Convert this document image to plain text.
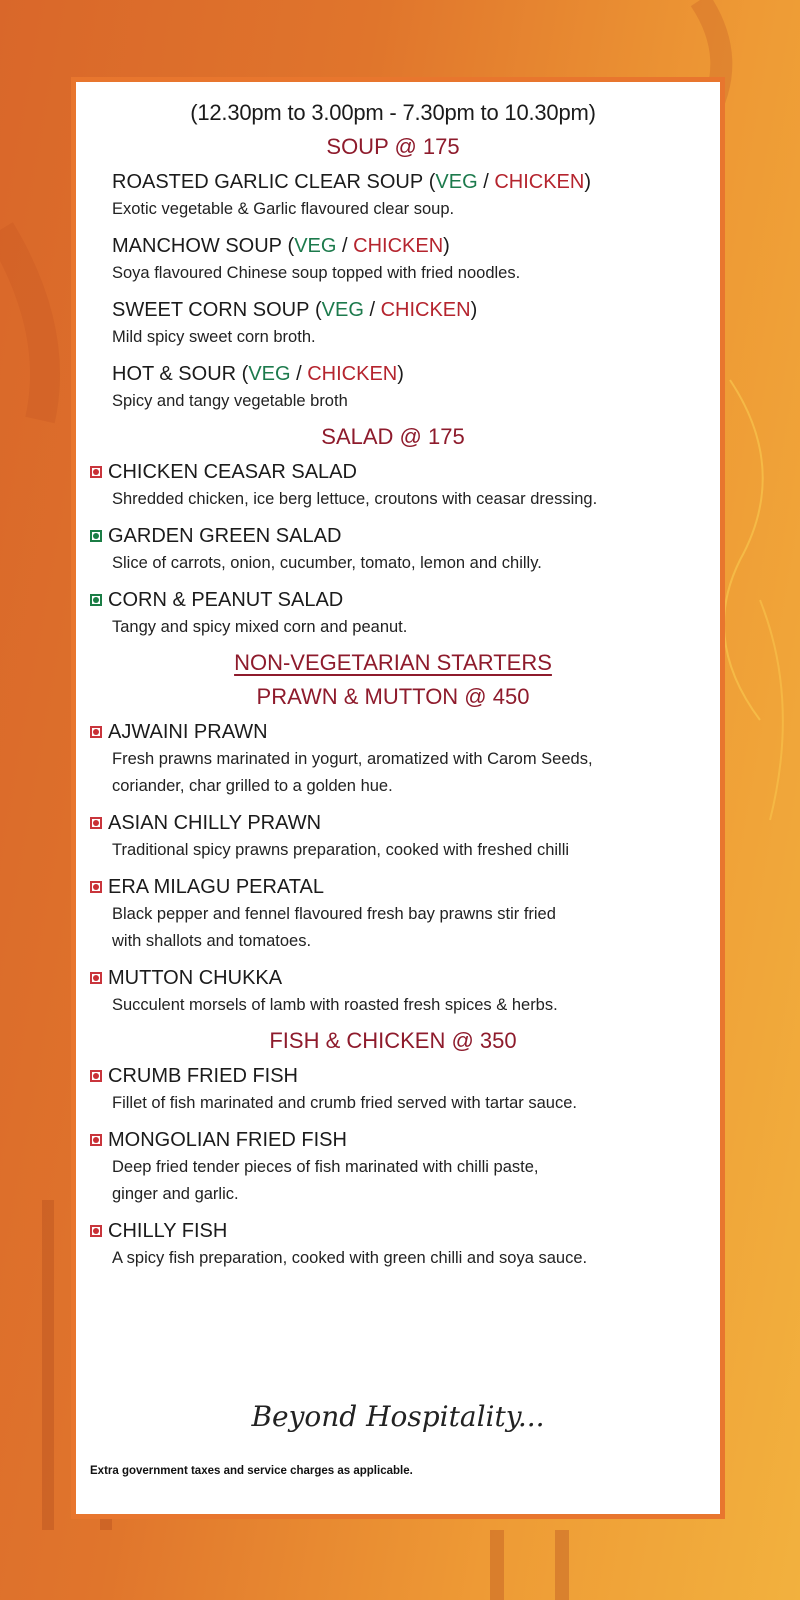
(12.30pm to 3.00pm - 7.30pm to 10.30pm)
SOUP @ 175
ROASTED GARLIC CLEAR SOUP ( VEG / CHICKEN )
Exotic vegetable & Garlic flavoured clear soup.
MANCHOW SOUP ( VEG / CHICKEN )
Soya flavoured Chinese soup topped with fried noodles.
SWEET CORN SOUP ( VEG / CHICKEN )
Mild spicy sweet corn broth.
HOT & SOUR ( VEG / CHICKEN )
Spicy and tangy vegetable broth
SALAD @ 175
CHICKEN CEASAR SALAD
Shredded chicken, ice berg lettuce, croutons with ceasar dressing.
GARDEN GREEN SALAD
Slice of carrots, onion, cucumber, tomato, lemon and chilly.
CORN & PEANUT SALAD
Tangy and spicy mixed corn and peanut.
NON-VEGETARIAN STARTERS
PRAWN & MUTTON @ 450
AJWAINI PRAWN
Fresh prawns marinated in yogurt, aromatized with Carom Seeds,
coriander, char grilled to a golden hue.
ASIAN CHILLY PRAWN
Traditional spicy prawns preparation, cooked with freshed chilli
ERA MILAGU PERATAL
Black pepper and fennel flavoured fresh bay prawns stir fried
with shallots and tomatoes.
MUTTON CHUKKA
Succulent morsels of lamb with roasted fresh spices & herbs.
FISH & CHICKEN @ 350
CRUMB FRIED FISH
Fillet of fish marinated and crumb fried served with tartar sauce.
MONGOLIAN FRIED FISH
Deep fried tender pieces of fish marinated with chilli paste,
ginger and garlic.
CHILLY FISH
A spicy fish preparation, cooked with green chilli and soya sauce.
Beyond Hospitality...
Extra government taxes and service charges as applicable.
